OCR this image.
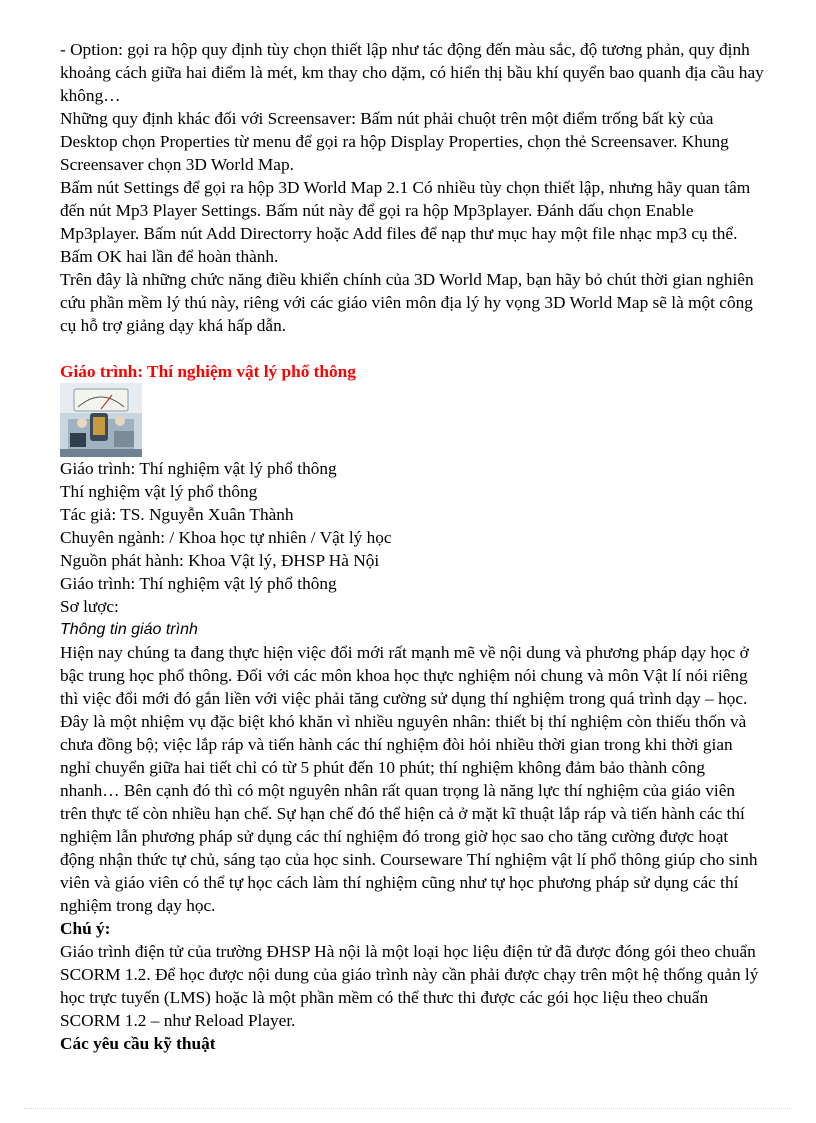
- Option: gọi ra hộp quy định tùy chọn thiết lập như tác động đến màu sắc, độ tương phản, quy định khoảng cách giữa hai điểm là mét, km thay cho dặm, có hiển thị bầu khí quyển bao quanh địa cầu hay không…

Những quy định khác đối với Screensaver: Bấm nút phải chuột trên một điểm trống bất kỳ của Desktop chọn Properties từ menu để gọi ra hộp Display Properties, chọn thẻ Screensaver. Khung Screensaver chọn 3D World Map.

Bấm nút Settings để gọi ra hộp 3D World Map 2.1 Có nhiều tùy chọn thiết lập, nhưng hãy quan tâm đến nút Mp3 Player Settings. Bấm nút này để gọi ra hộp Mp3player. Đánh dấu chọn Enable Mp3player. Bấm nút Add Directorry hoặc Add files để nạp thư mục hay một file nhạc mp3 cụ thể. Bấm OK hai lần để hoàn thành.

Trên đây là những chức năng điều khiển chính của 3D World Map, bạn hãy bỏ chút thời gian nghiên cứu phần mềm lý thú này, riêng với các giáo viên môn địa lý hy vọng 3D World Map sẽ là một công cụ hỗ trợ giảng dạy khá hấp dẫn.

Giáo trình: Thí nghiệm vật lý phổ thông

Giáo trình: Thí nghiệm vật lý phổ thông

Thí nghiệm vật lý phổ thông

Tác giả: TS. Nguyễn Xuân Thành

Chuyên ngành: / Khoa học tự nhiên / Vật lý học

Nguồn phát hành: Khoa Vật lý, ĐHSP Hà Nội

Giáo trình: Thí nghiệm vật lý phổ thông

Sơ lược:

Thông tin giáo trình

Hiện nay chúng ta đang thực hiện việc đổi mới rất mạnh mẽ về nội dung và phương pháp dạy học ở bậc trung học phổ thông. Đối với các môn khoa học thực nghiệm nói chung và môn Vật lí nói riêng thì việc đổi mới đó gắn liền với việc phải tăng cường sử dụng thí nghiệm trong quá trình dạy – học. Đây là một nhiệm vụ đặc biệt khó khăn vì nhiều nguyên nhân: thiết bị thí nghiệm còn thiếu thốn và chưa đồng bộ; việc lắp ráp và tiến hành các thí nghiệm đòi hỏi nhiều thời gian trong khi thời gian nghỉ chuyển giữa hai tiết chỉ có từ 5 phút đến 10 phút; thí nghiệm không đảm bảo thành công nhanh… Bên cạnh đó thì có một nguyên nhân rất quan trọng là năng lực thí nghiệm của giáo viên trên thực tế còn nhiều hạn chế. Sự hạn chế đó thể hiện cả ở mặt kĩ thuật lắp ráp và tiến hành các thí nghiệm lẫn phương pháp sử dụng các thí nghiệm đó trong giờ học sao cho tăng cường được hoạt động nhận thức tự chủ, sáng tạo của học sinh. Courseware Thí nghiệm vật lí phổ thông giúp cho sinh viên và giáo viên có thể tự học cách làm thí nghiệm cũng như tự học phương pháp sử dụng các thí nghiệm trong dạy học.

Chú ý:

Giáo trình điện tử của trường ĐHSP Hà nội là một loại học liệu điện tử đã được đóng gói theo chuẩn SCORM 1.2. Để học được nội dung của giáo trình này cần phải được chạy trên một hệ thống quản lý học trực tuyến (LMS) hoặc là một phần mềm có thể thưc thi được các gói học liệu theo chuẩn SCORM 1.2 – như Reload Player.

Các yêu cầu kỹ thuật
